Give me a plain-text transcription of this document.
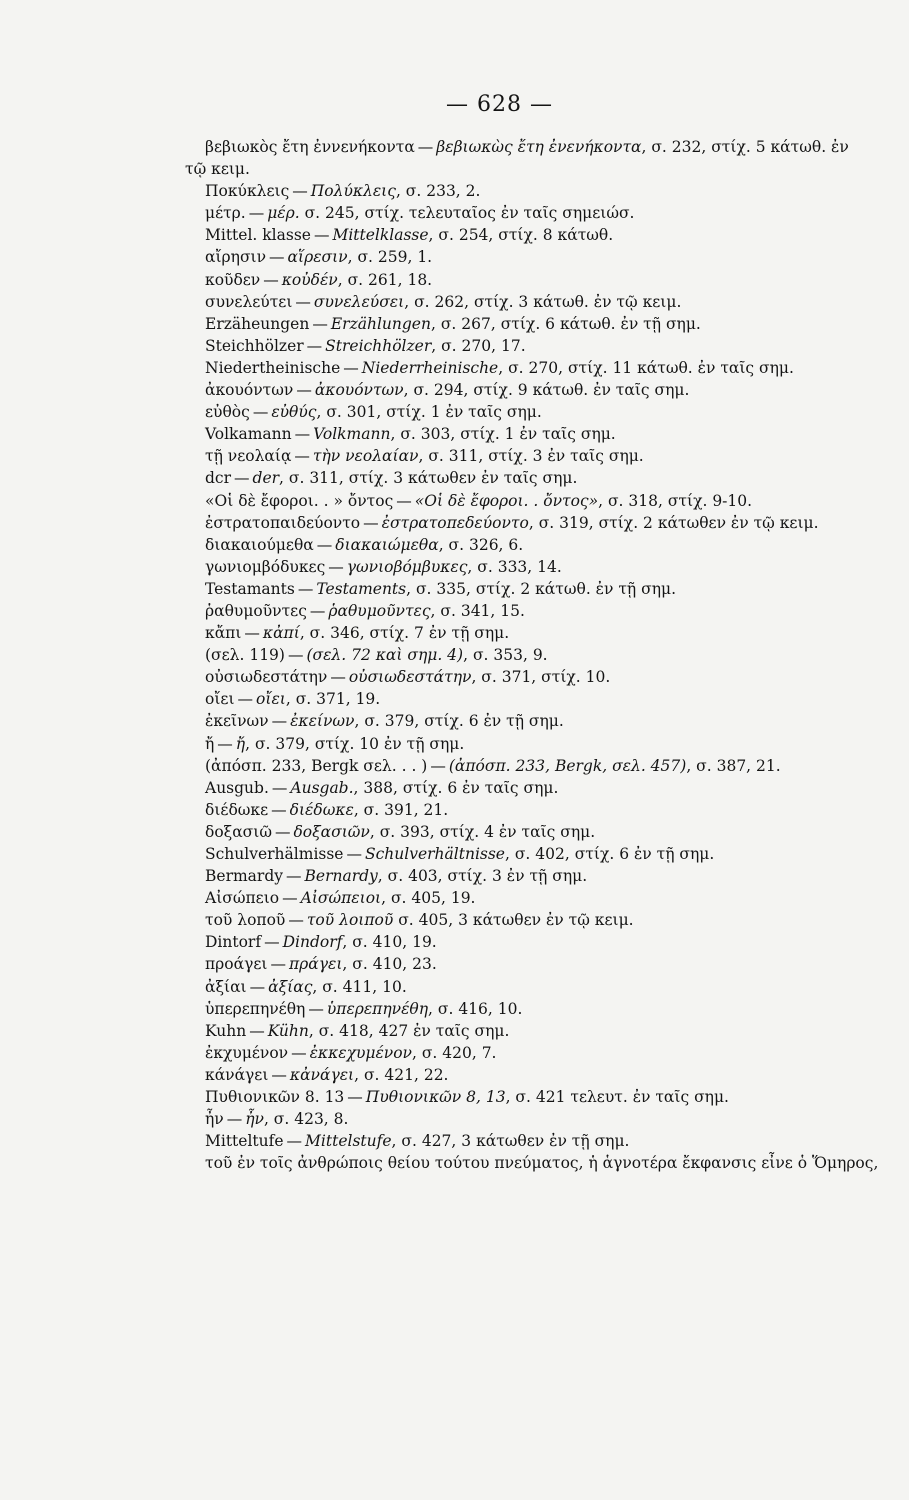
— 628 —
βεβιωκὸς ἔτη ἐννενήκοντα — βεβιωκὼς ἔτη ἐνενήκοντα, σ. 232, στίχ. 5 κάτωθ. ἐν
τῷ κειμ.
Ποκύκλεις — Πολύκλεις, σ. 233, 2.
μέτρ. — μέρ. σ. 245, στίχ. τελευταῖος ἐν ταῖς σημειώσ.
Mittel. klasse — Mittelklasse, σ. 254, στίχ. 8 κάτωθ.
αἴρησιν — αἵρεσιν, σ. 259, 1.
κοῦδεν — κοὐδέν, σ. 261, 18.
συνελεύτει — συνελεύσει, σ. 262, στίχ. 3 κάτωθ. ἐν τῷ κειμ.
Erzäheungen — Erzählungen, σ. 267, στίχ. 6 κάτωθ. ἐν τῇ σημ.
Steichhölzer — Streichhölzer, σ. 270, 17.
Niedertheinische — Niederrheinische, σ. 270, στίχ. 11 κάτωθ. ἐν ταῖς σημ.
ἀκουόντων — ἀκουόντων, σ. 294, στίχ. 9 κάτωθ. ἐν ταῖς σημ.
εὐθὸς — εὐθύς, σ. 301, στίχ. 1 ἐν ταῖς σημ.
Volkamann — Volkmann, σ. 303, στίχ. 1 ἐν ταῖς σημ.
τῇ νεολαίᾳ — τὴν νεολαίαν, σ. 311, στίχ. 3 ἐν ταῖς σημ.
dcr — der, σ. 311, στίχ. 3 κάτωθεν ἐν ταῖς σημ.
«Οἱ δὲ ἔφοροι. . » ὄντος — «Οἱ δὲ ἔφοροι. . ὄντος», σ. 318, στίχ. 9-10.
ἐστρατοπαιδεύοντο — ἐστρατοπεδεύοντο, σ. 319, στίχ. 2 κάτωθεν ἐν τῷ κειμ.
διακαιούμεθα — διακαιώμεθα, σ. 326, 6.
γωνιομβόδυκες — γωνιοβόμβυκες, σ. 333, 14.
Testamants — Testaments, σ. 335, στίχ. 2 κάτωθ. ἐν τῇ σημ.
ῥαθυμοῦντες — ῥαθυμοῦντες, σ. 341, 15.
κἄπι — κἀπί, σ. 346, στίχ. 7 ἐν τῇ σημ.
(σελ. 119) — (σελ. 72 καὶ σημ. 4), σ. 353, 9.
οὐσιωδεστάτην — οὐσιωδεστάτην, σ. 371, στίχ. 10.
οἴει — οἴει, σ. 371, 19.
ἐκεῖνων — ἐκείνων, σ. 379, στίχ. 6 ἐν τῇ σημ.
ἤ — ἤ, σ. 379, στίχ. 10 ἐν τῇ σημ.
(ἀπόσπ. 233, Bergk σελ. . . ) — (ἀπόσπ. 233, Bergk, σελ. 457), σ. 387, 21.
Ausgub. — Ausgab., 388, στίχ. 6 ἐν ταῖς σημ.
διέδωκε — διέδωκε, σ. 391, 21.
δοξασιῶ — δοξασιῶν, σ. 393, στίχ. 4 ἐν ταῖς σημ.
Schulverhälmisse — Schulverhältnisse, σ. 402, στίχ. 6 ἐν τῇ σημ.
Bermardy — Bernardy, σ. 403, στίχ. 3 ἐν τῇ σημ.
Αἰσώπειο — Αἰσώπειοι, σ. 405, 19.
τοῦ λοποῦ — τοῦ λοιποῦ σ. 405, 3 κάτωθεν ἐν τῷ κειμ.
Dintorf — Dindorf, σ. 410, 19.
προάγει — πράγει, σ. 410, 23.
ἀξίαι — ἀξίας, σ. 411, 10.
ὑπερεπηνέθη — ὑπερεπηνέθη, σ. 416, 10.
Kuhn — Kühn, σ. 418, 427 ἐν ταῖς σημ.
ἐκχυμένον — ἐκκεχυμένον, σ. 420, 7.
κάνάγει — κἀνάγει, σ. 421, 22.
Πυθιονικῶν 8. 13 — Πυθιονικῶν 8, 13, σ. 421 τελευτ. ἐν ταῖς σημ.
ἦν — ἦν, σ. 423, 8.
Mitteltufe — Mittelstufe, σ. 427, 3 κάτωθεν ἐν τῇ σημ.
τοῦ ἐν τοῖς ἀνθρώποις θείου τούτου πνεύματος, ἡ ἁγνοτέρα ἔκφανσις εἶνε ὁ Ὅμηρος,
